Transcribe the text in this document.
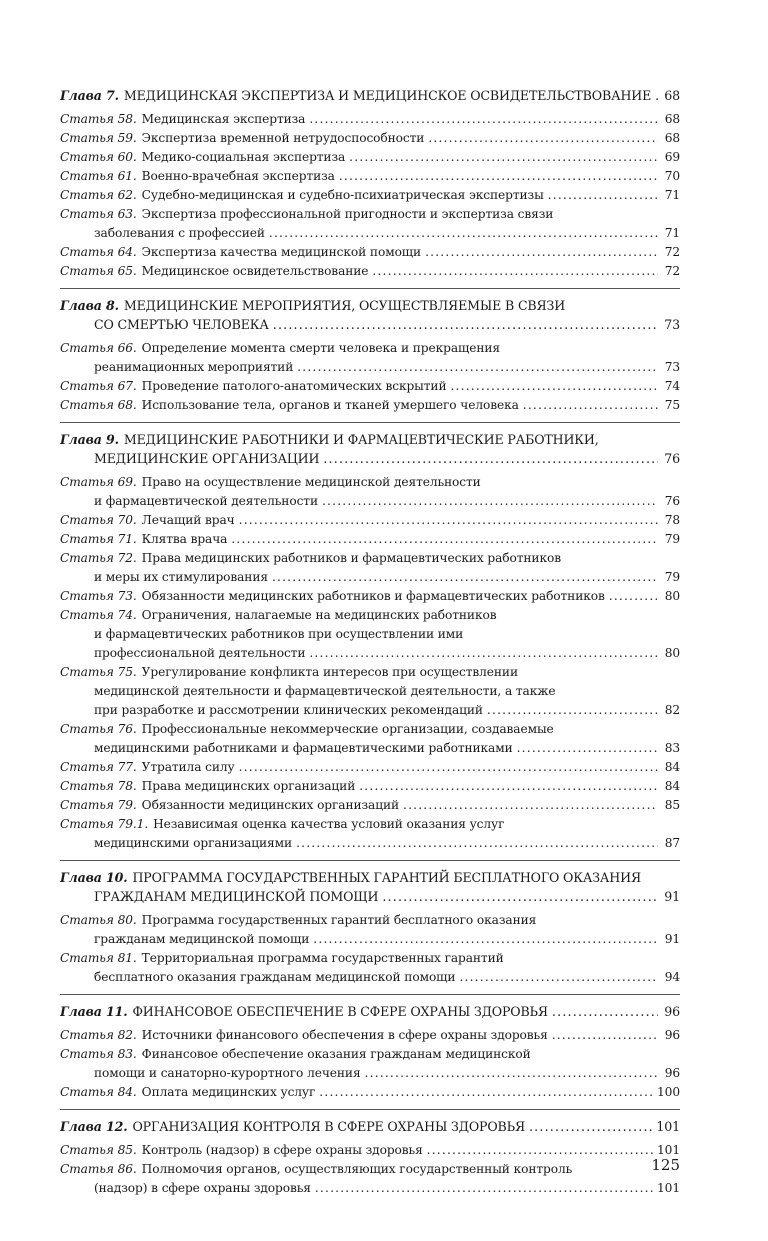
Глава 7. МЕДИЦИНСКАЯ ЭКСПЕРТИЗА И МЕДИЦИНСКОЕ ОСВИДЕТЕЛЬСТВОВАНИЕ ..... 68
Статья 58. Медицинская экспертиза .....	68
Статья 59. Экспертиза временной нетрудоспособности .....	68
Статья 60. Медико-социальная экспертиза .....	69
Статья 61. Военно-врачебная экспертиза .....	70
Статья 62. Судебно-медицинская и судебно-психиатрическая экспертизы .....	71
Статья 63. Экспертиза профессиональной пригодности и экспертиза связи
заболевания с профессией .....	71
Статья 64. Экспертиза качества медицинской помощи .....	72
Статья 65. Медицинское освидетельствование .....	72
Глава 8. МЕДИЦИНСКИЕ МЕРОПРИЯТИЯ, ОСУЩЕСТВЛЯЕМЫЕ В СВЯЗИ
СО СМЕРТЬЮ ЧЕЛОВЕКА .....	73
Статья 66. Определение момента смерти человека и прекращения
реанимационных мероприятий .....	73
Статья 67. Проведение патолого-анатомических вскрытий .....	74
Статья 68. Использование тела, органов и тканей умершего человека .....	75
Глава 9. МЕДИЦИНСКИЕ РАБОТНИКИ И ФАРМАЦЕВТИЧЕСКИЕ РАБОТНИКИ,
МЕДИЦИНСКИЕ ОРГАНИЗАЦИИ .....	76
Статья 69. Право на осуществление медицинской деятельности
и фармацевтической деятельности .....	76
Статья 70. Лечащий врач .....	78
Статья 71. Клятва врача .....	79
Статья 72. Права медицинских работников и фармацевтических работников
и меры их стимулирования .....	79
Статья 73. Обязанности медицинских работников и фармацевтических работников .....	80
Статья 74. Ограничения, налагаемые на медицинских работников
и фармацевтических работников при осуществлении ими
профессиональной деятельности .....	80
Статья 75. Урегулирование конфликта интересов при осуществлении
медицинской деятельности и фармацевтической деятельности, а также
при разработке и рассмотрении клинических рекомендаций .....	82
Статья 76. Профессиональные некоммерческие организации, создаваемые
медицинскими работниками и фармацевтическими работниками .....	83
Статья 77. Утратила силу .....	84
Статья 78. Права медицинских организаций .....	84
Статья 79. Обязанности медицинских организаций .....	85
Статья 79.1. Независимая оценка качества условий оказания услуг
медицинскими организациями .....	87
Глава 10. ПРОГРАММА ГОСУДАРСТВЕННЫХ ГАРАНТИЙ БЕСПЛАТНОГО ОКАЗАНИЯ
ГРАЖДАНАМ МЕДИЦИНСКОЙ ПОМОЩИ .....	91
Статья 80. Программа государственных гарантий бесплатного оказания
гражданам медицинской помощи .....	91
Статья 81. Территориальная программа государственных гарантий
бесплатного оказания гражданам медицинской помощи .....	94
Глава 11. ФИНАНСОВОЕ ОБЕСПЕЧЕНИЕ В СФЕРЕ ОХРАНЫ ЗДОРОВЬЯ .....	96
Статья 82. Источники финансового обеспечения в сфере охраны здоровья .....	96
Статья 83. Финансовое обеспечение оказания гражданам медицинской
помощи и санаторно-курортного лечения .....	96
Статья 84. Оплата медицинских услуг .....	100
Глава 12. ОРГАНИЗАЦИЯ КОНТРОЛЯ В СФЕРЕ ОХРАНЫ ЗДОРОВЬЯ .....	101
Статья 85. Контроль (надзор) в сфере охраны здоровья .....	101
Статья 86. Полномочия органов, осуществляющих государственный контроль
(надзор) в сфере охраны здоровья .....	101
125
